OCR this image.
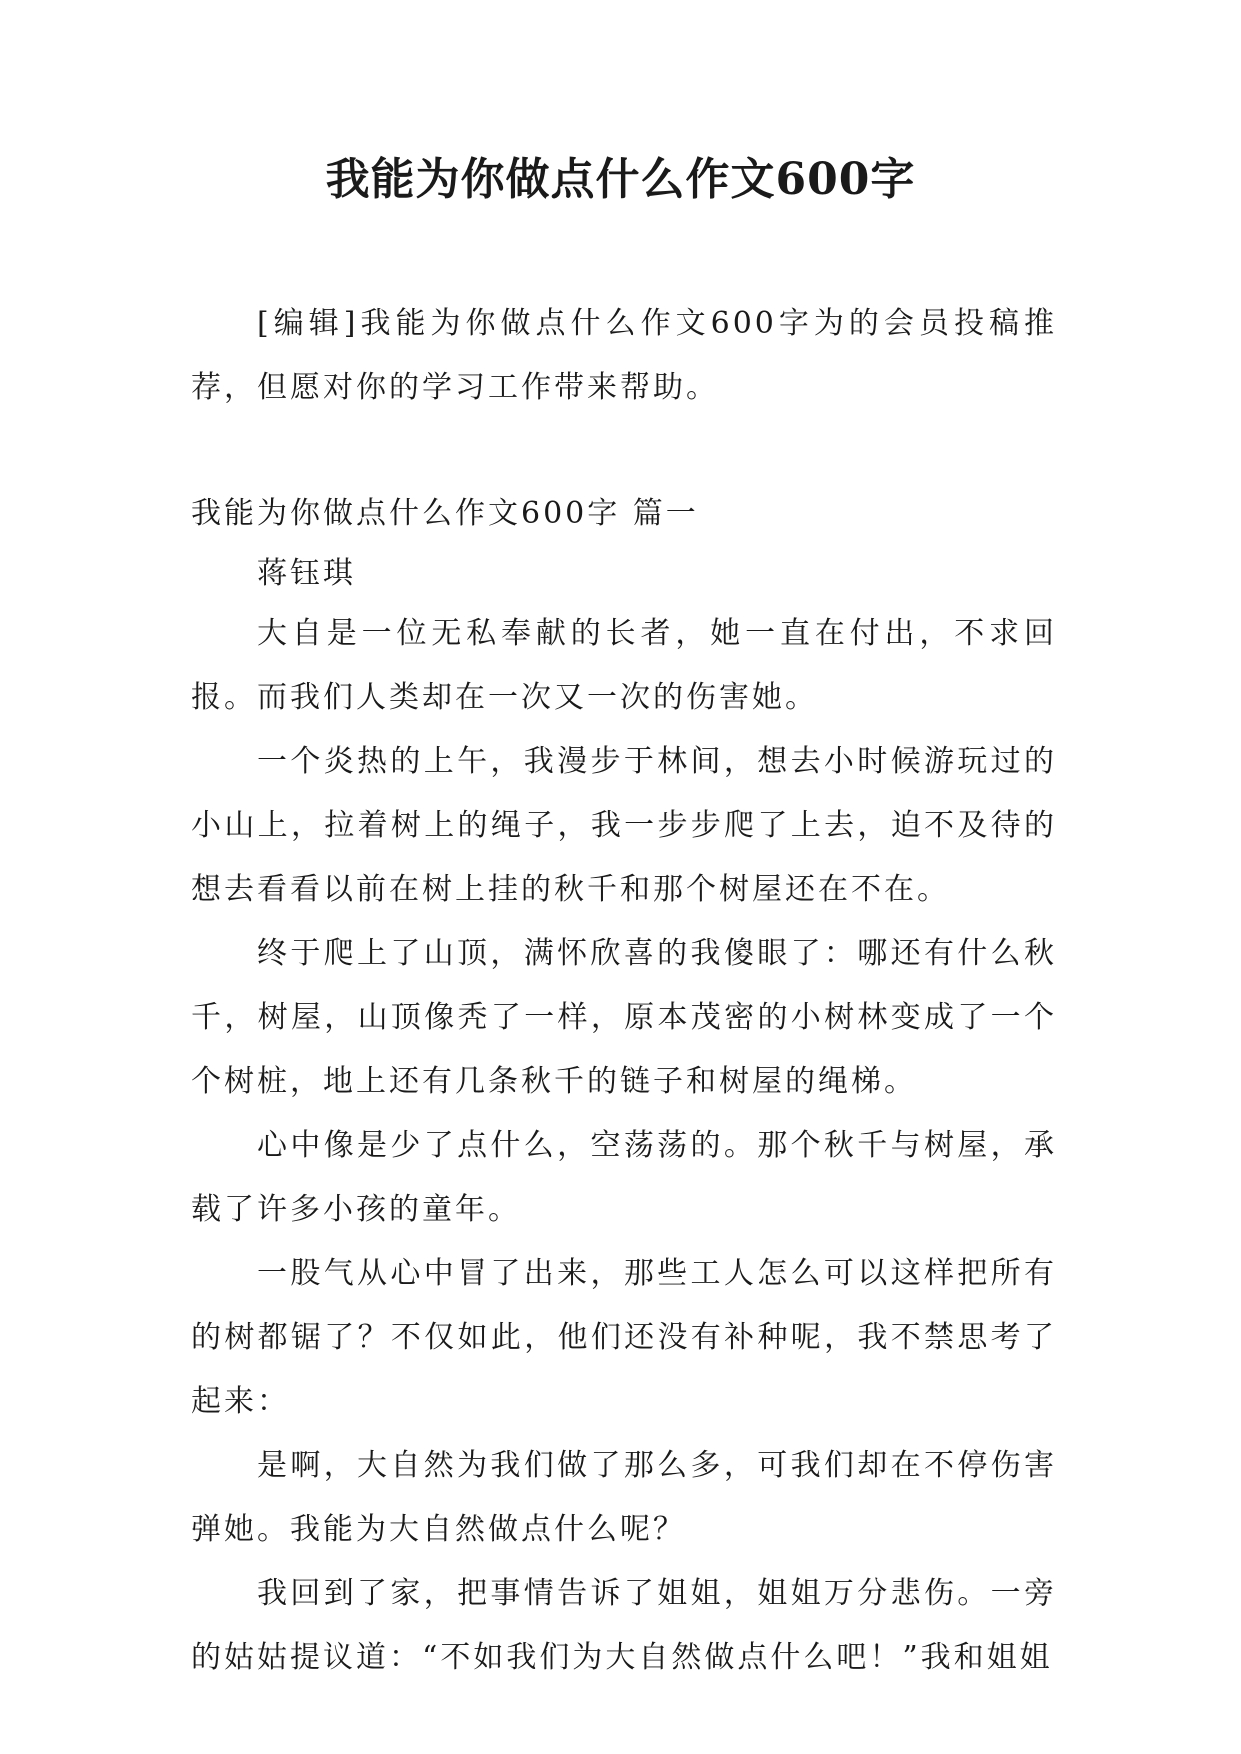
我能为你做点什么作文600字

[编辑]我能为你做点什么作文600字为的会员投稿推荐，但愿对你的学习工作带来帮助。

我能为你做点什么作文600字 篇一

蒋钰琪

大自是一位无私奉献的长者，她一直在付出，不求回报。而我们人类却在一次又一次的伤害她。

一个炎热的上午，我漫步于林间，想去小时候游玩过的小山上，拉着树上的绳子，我一步步爬了上去，迫不及待的想去看看以前在树上挂的秋千和那个树屋还在不在。

终于爬上了山顶，满怀欣喜的我傻眼了：哪还有什么秋千，树屋，山顶像秃了一样，原本茂密的小树林变成了一个个树桩，地上还有几条秋千的链子和树屋的绳梯。

心中像是少了点什么，空荡荡的。那个秋千与树屋，承载了许多小孩的童年。

一股气从心中冒了出来，那些工人怎么可以这样把所有的树都锯了？不仅如此，他们还没有补种呢，我不禁思考了起来：

是啊，大自然为我们做了那么多，可我们却在不停伤害弹她。我能为大自然做点什么呢？

我回到了家，把事情告诉了姐姐，姐姐万分悲伤。一旁的姑姑提议道：“不如我们为大自然做点什么吧！”我和姐姐
